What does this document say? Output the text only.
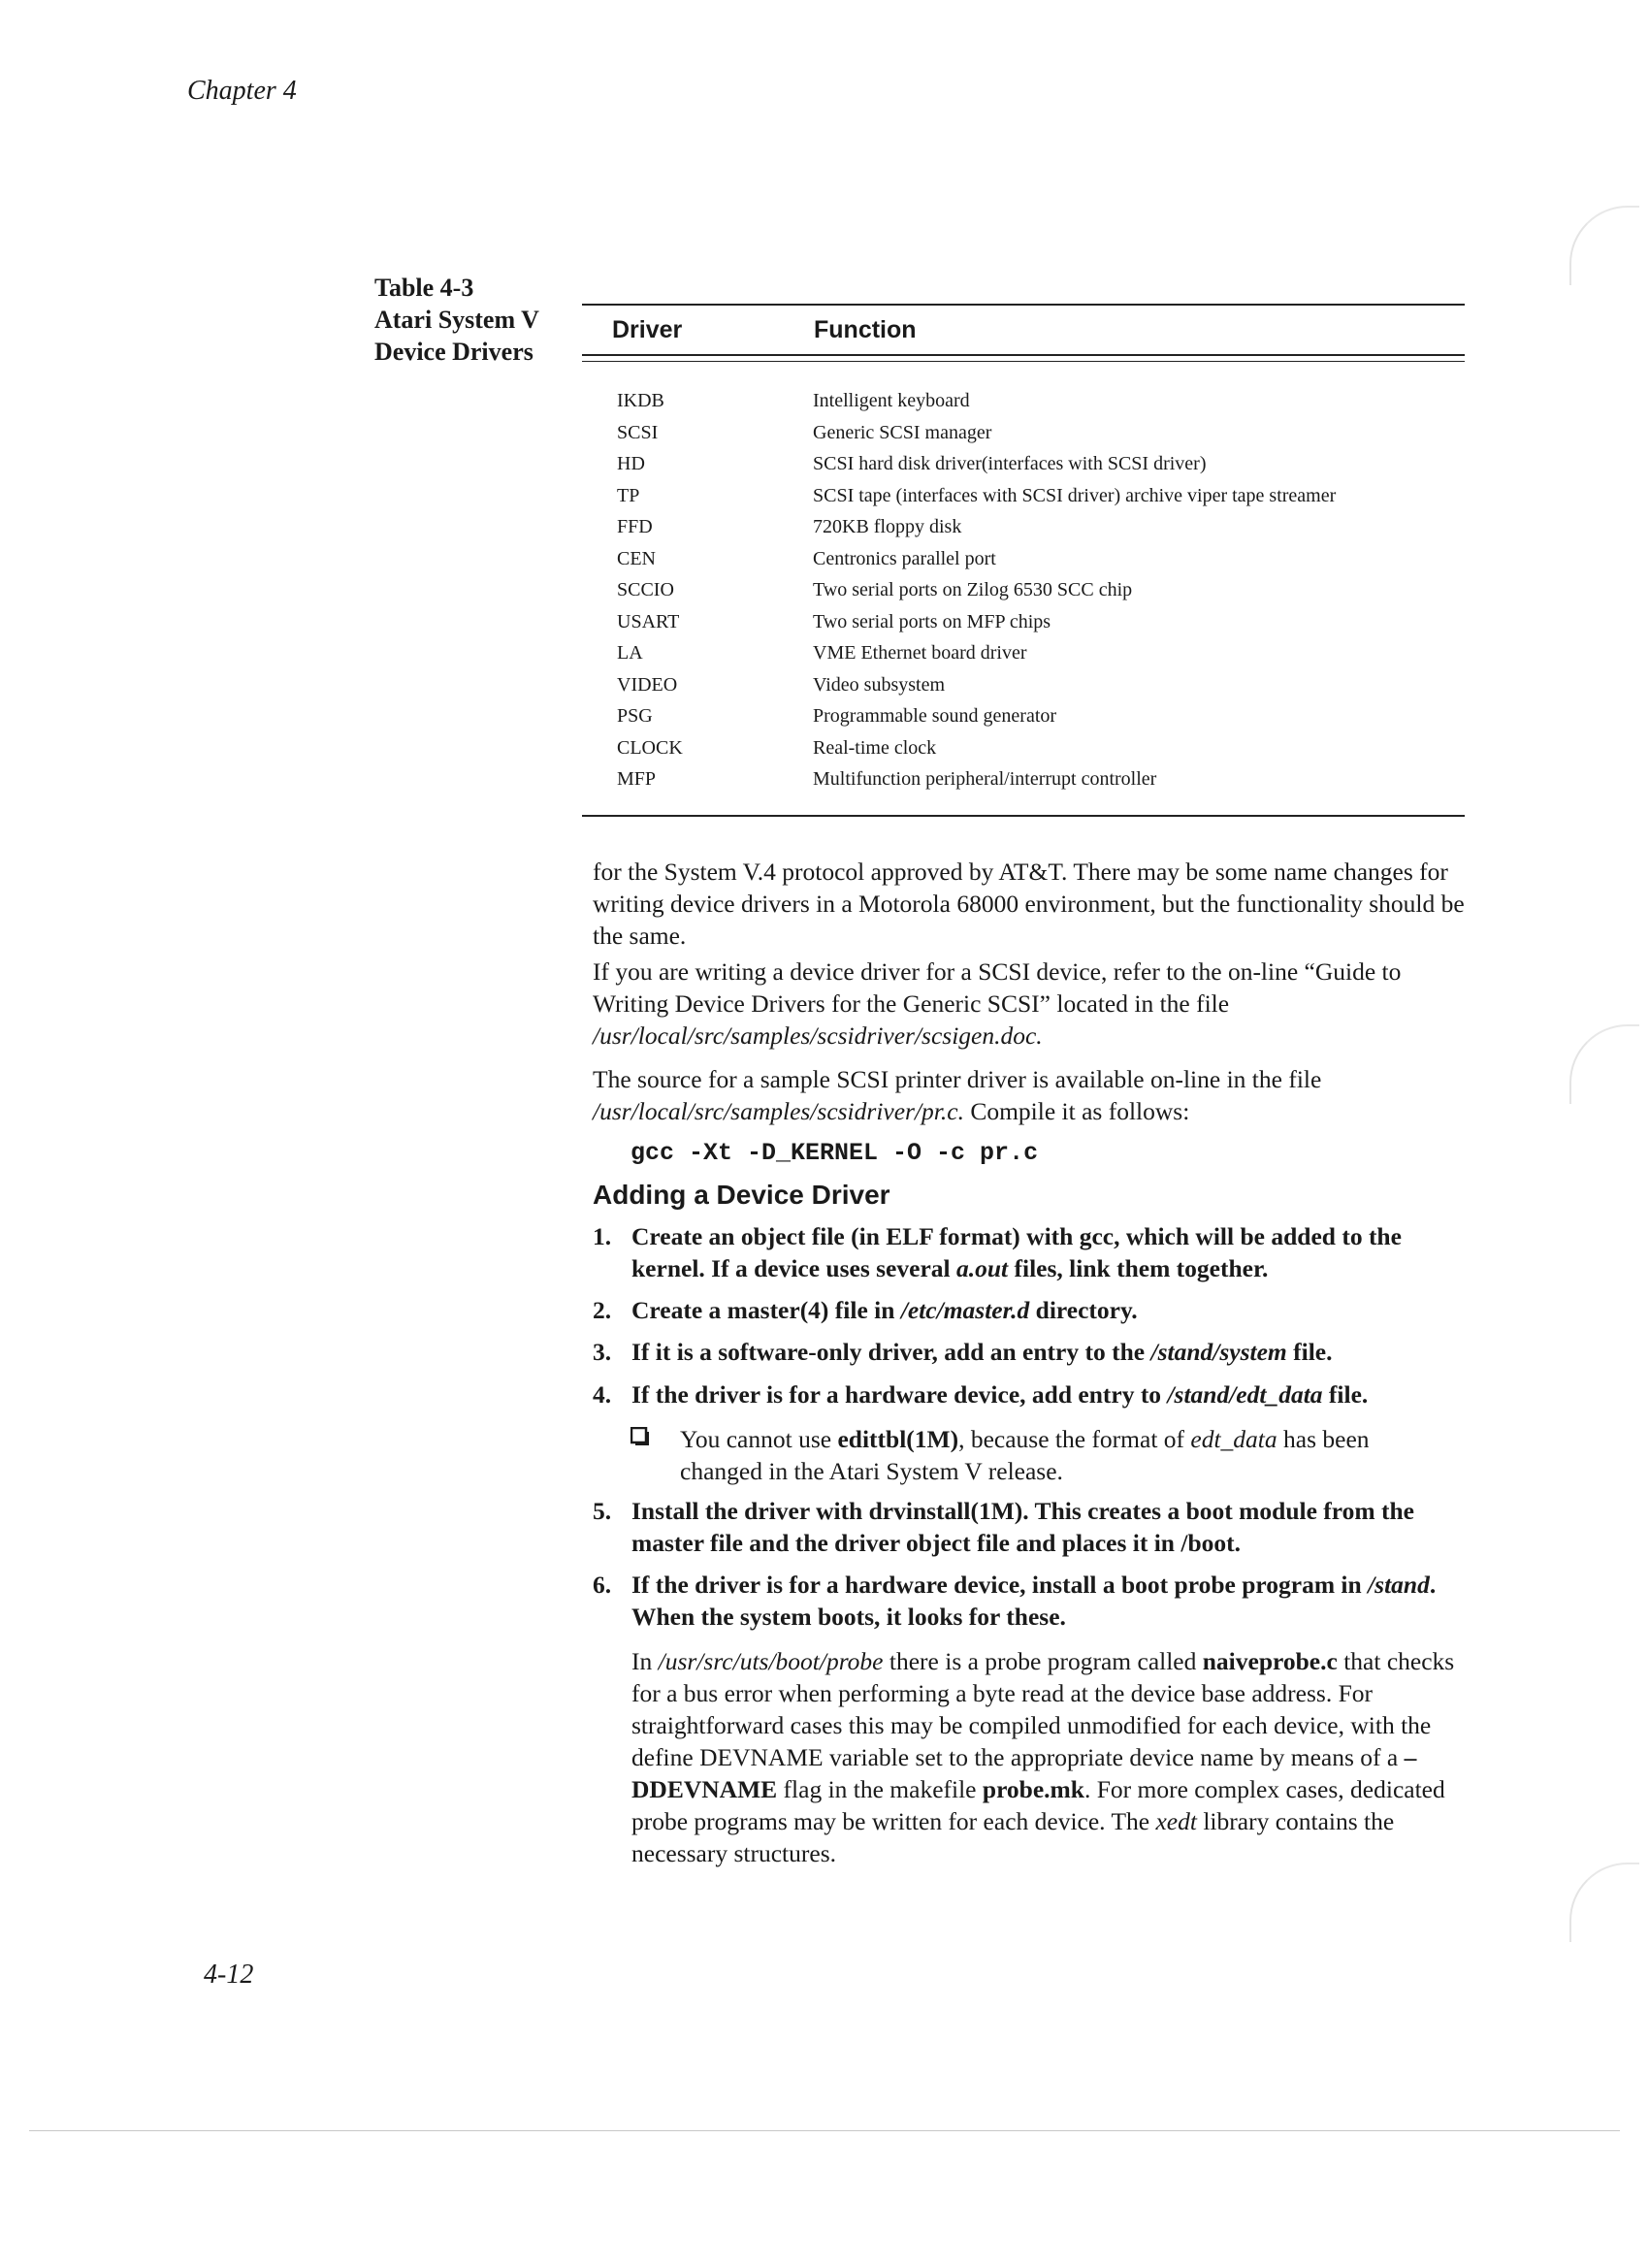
Chapter 4
4-12
Table 4-3
Atari System V
Device Drivers
Driver	Function
IKDB	Intelligent keyboard
SCSI	Generic SCSI manager
HD	SCSI hard disk driver(interfaces with SCSI driver)
TP	SCSI tape (interfaces with SCSI driver) archive viper tape streamer
FFD	720KB floppy disk
CEN	Centronics parallel port
SCCIO	Two serial ports on Zilog 6530 SCC chip
USART	Two serial ports on MFP chips
LA	VME Ethernet board driver
VIDEO	Video subsystem
PSG	Programmable sound generator
CLOCK	Real-time clock
MFP	Multifunction peripheral/interrupt controller

for the System V.4 protocol approved by AT&T. There may be some name changes for writing device drivers in a Motorola 68000 environment, but the functionality should be the same.

If you are writing a device driver for a SCSI device, refer to the on-line “Guide to Writing Device Drivers for the Generic SCSI” located in the file
/usr/local/src/samples/scsidriver/scsigen.doc.

The source for a sample SCSI printer driver is available on-line in the file
/usr/local/src/samples/scsidriver/pr.c. Compile it as follows:

gcc -Xt -D_KERNEL -O -c pr.c
Adding a Device Driver
1. Create an object file (in ELF format) with gcc, which will be added to the kernel. If a device uses several a.out files, link them together.
2. Create a master(4) file in /etc/master.d directory.
3. If it is a software-only driver, add an entry to the /stand/system file.
4. If the driver is for a hardware device, add entry to /stand/edt_data file.
You cannot use edittbl(1M), because the format of edt_data has been changed in the Atari System V release.
5. Install the driver with drvinstall(1M). This creates a boot module from the master file and the driver object file and places it in /boot.
6. If the driver is for a hardware device, install a boot probe program in /stand. When the system boots, it looks for these.
In /usr/src/uts/boot/probe there is a probe program called naiveprobe.c that checks for a bus error when performing a byte read at the device base address. For straightforward cases this may be compiled unmodified for each device, with the define DEVNAME variable set to the appropriate device name by means of a –DDEVNAME flag in the makefile probe.mk. For more complex cases, dedicated probe programs may be written for each device. The xedt library contains the necessary structures.
